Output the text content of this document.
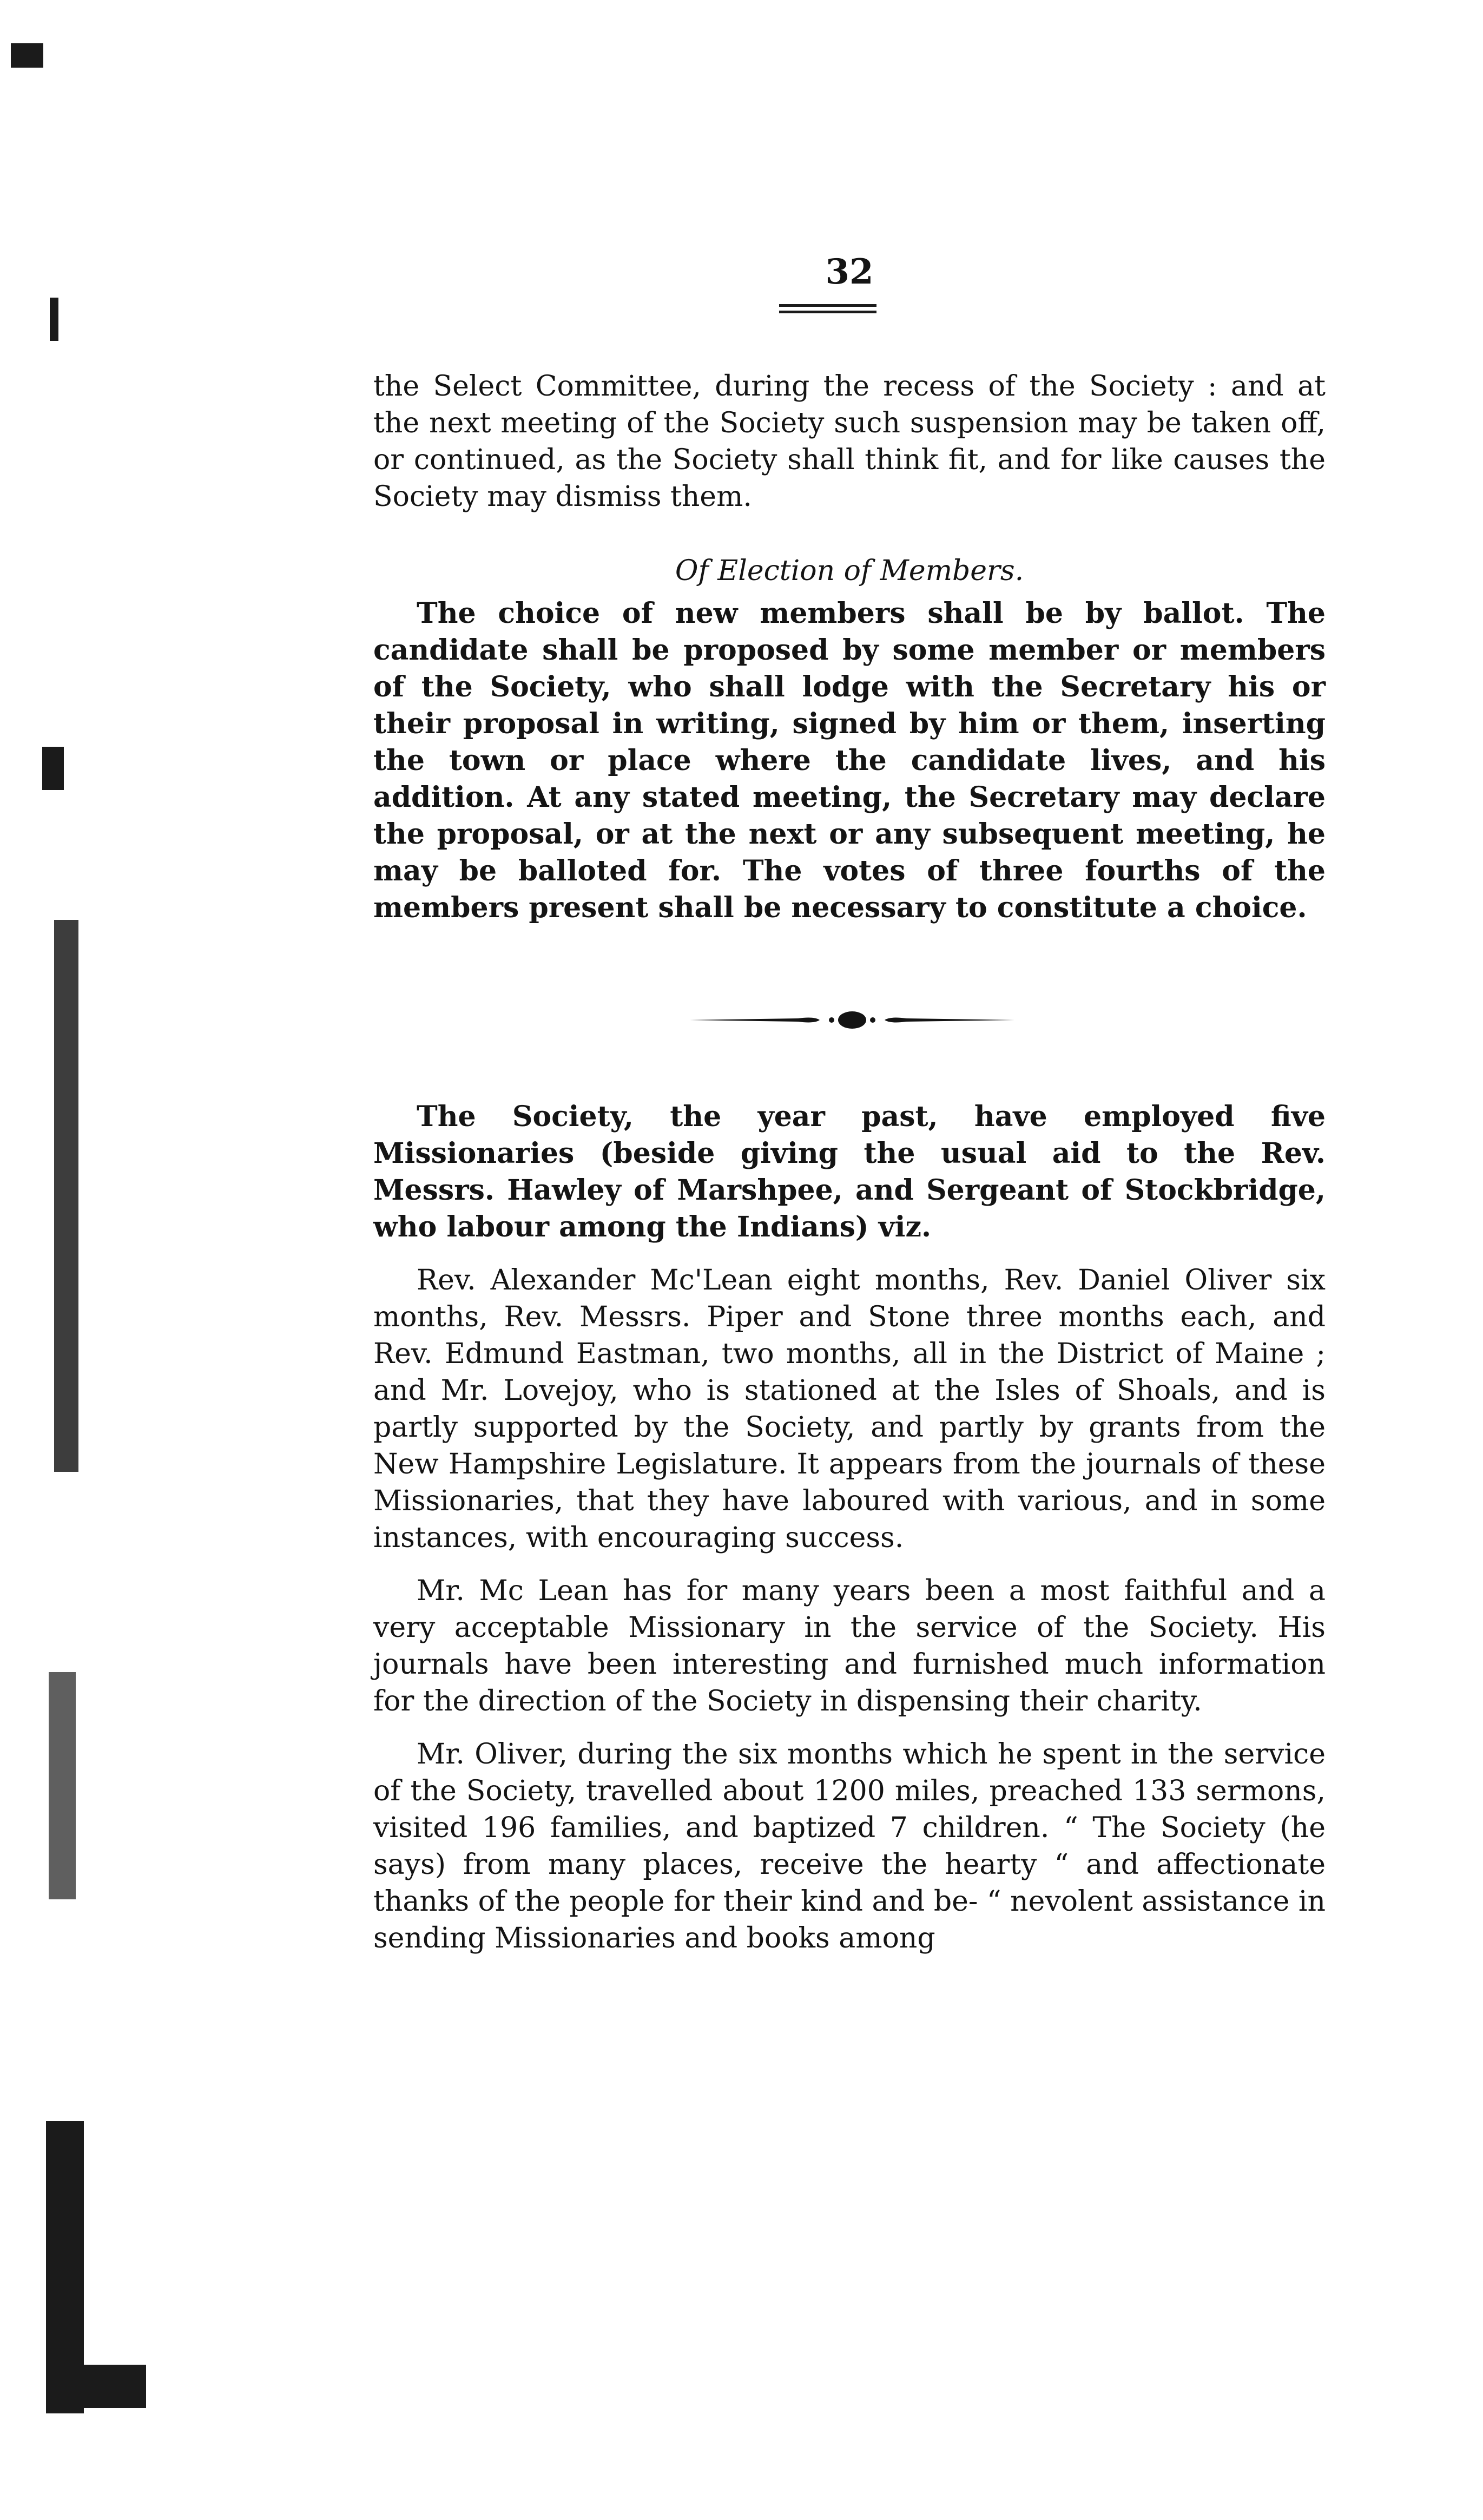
32

the Select Committee, during the recess of the Society : and at the next meeting of the Society such suspension may be taken off, or continued, as the Society shall think fit, and for like causes the Society may dismiss them.

Of Election of Members.

The choice of new members shall be by ballot. The candidate shall be proposed by some member or members of the Society, who shall lodge with the Secretary his or their proposal in writing, signed by him or them, inserting the town or place where the candidate lives, and his addition. At any stated meeting, the Secretary may declare the proposal, or at the next or any subsequent meeting, he may be balloted for. The votes of three fourths of the members present shall be necessary to constitute a choice.

The Society, the year past, have employed five Missionaries (beside giving the usual aid to the Rev. Messrs. Hawley of Marshpee, and Sergeant of Stockbridge, who labour among the Indians) viz.

Rev. Alexander Mc'Lean eight months, Rev. Daniel Oliver six months, Rev. Messrs. Piper and Stone three months each, and Rev. Edmund Eastman, two months, all in the District of Maine ; and Mr. Lovejoy, who is stationed at the Isles of Shoals, and is partly supported by the Society, and partly by grants from the New Hampshire Legislature. It appears from the journals of these Missionaries, that they have laboured with various, and in some instances, with encouraging success.

Mr. Mc Lean has for many years been a most faithful and a very acceptable Missionary in the service of the Society. His journals have been interesting and furnished much information for the direction of the Society in dispensing their charity.

Mr. Oliver, during the six months which he spent in the service of the Society, travelled about 1200 miles, preached 133 sermons, visited 196 families, and baptized 7 children. “ The Society (he says) from many places, receive the hearty “ and affectionate thanks of the people for their kind and be- “ nevolent assistance in sending Missionaries and books among
